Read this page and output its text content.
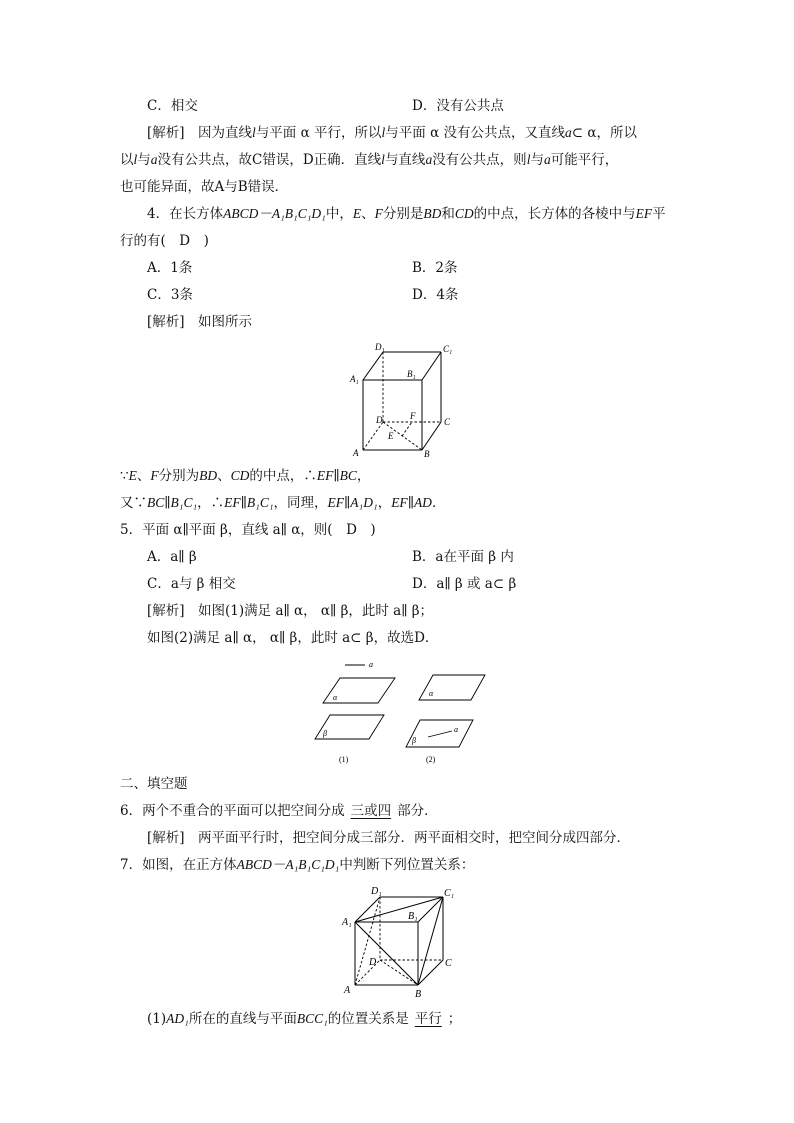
C．相交	D．没有公共点
[解析]　因为直线l与平面 α 平行，所以l与平面 α 没有公共点，又直线a⊂ α，所以
以l与a没有公共点，故C错误，D正确．直线l与直线a没有公共点，则l与a可能平行，
也可能异面，故A与B错误．
4．在长方体ABCD－A₁B₁C₁D₁中，E、F分别是BD和CD的中点，长方体的各棱中与EF平
行的有(　D　)
A．1条	B．2条
C．3条	D．4条
[解析]　如图所示
D₁	C₁
A₁	B₁
D	F
C
E
A	B
∵E、F分别为BD、CD的中点，∴EF∥BC，
又∵BC∥B₁C₁，∴EF∥B₁C₁，同理，EF∥A₁D₁，EF∥AD．
5．平面 α∥平面 β，直线 a∥ α，则(　D　)
A．a∥ β	B．a在平面 β 内
C．a与 β 相交	D．a∥ β 或 a⊂ β
[解析]　如图(1)满足 a∥ α， α∥ β，此时 a∥ β；
如图(2)满足 a∥ α， α∥ β，此时 a⊂ β，故选D．
a
α
β
(1)
α
β
a
(2)
二、填空题
6．两个不重合的平面可以把空间分成 三或四 部分．
[解析]　两平面平行时，把空间分成三部分．两平面相交时，把空间分成四部分．
7．如图，在正方体ABCD－A₁B₁C₁D₁中判断下列位置关系：
D₁	C₁
B₁
A₁
D	C
A	B
(1)AD₁所在的直线与平面BCC₁的位置关系是 平行 ；
